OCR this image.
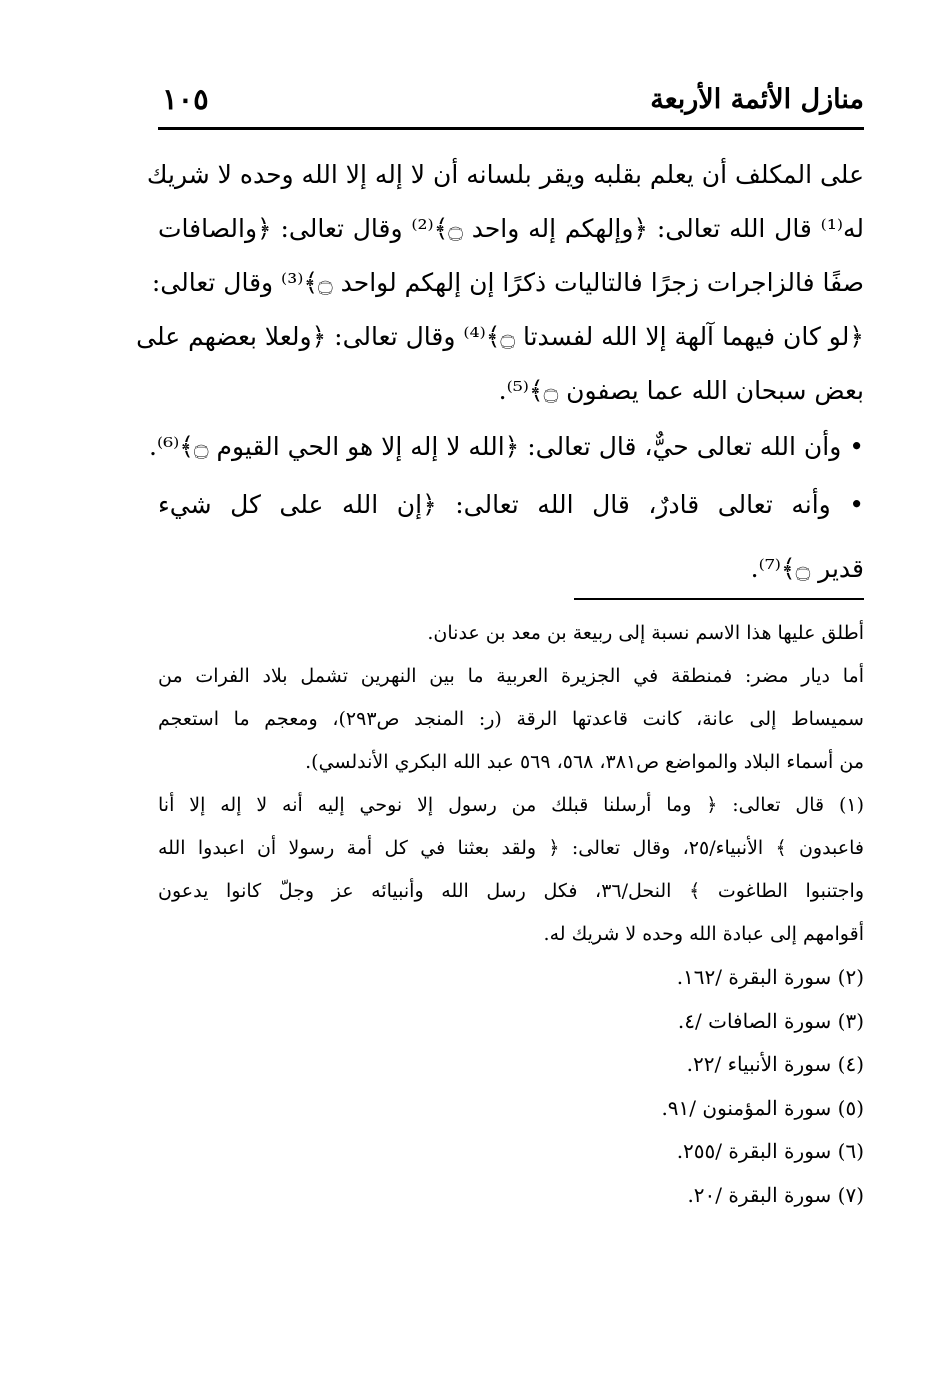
منازل الأئمة الأربعة
١٠٥
على المكلف أن يعلم بقلبه ويقر بلسانه أن لا إله إلا الله وحده لا شريك
له⁽¹⁾ قال الله تعالى: ﴿وإلهكم إله واحد ۝﴾⁽²⁾ وقال تعالى: ﴿والصافات
صفًا فالزاجرات زجرًا فالتاليات ذكرًا إن إلهكم لواحد ۝﴾⁽³⁾ وقال تعالى:
﴿لو كان فيهما آلهة إلا الله لفسدتا ۝﴾⁽⁴⁾ وقال تعالى: ﴿ولعلا بعضهم على
بعض سبحان الله عما يصفون ۝﴾⁽⁵⁾.
• وأن الله تعالى حيٌّ، قال تعالى: ﴿الله لا إله إلا هو الحي القيوم ۝﴾⁽⁶⁾.
• وأنه تعالى قادرٌ، قال الله تعالى: ﴿إن الله على كل شيء
قدير ۝﴾⁽⁷⁾.
أطلق عليها هذا الاسم نسبة إلى ربيعة بن معد بن عدنان.
أما ديار مضر: فمنطقة في الجزيرة العربية ما بين النهرين تشمل بلاد الفرات من
سميساط إلى عانة، كانت قاعدتها الرقة (ر: المنجد ص٢٩٣)، ومعجم ما استعجم
من أسماء البلاد والمواضع ص٣٨١، ٥٦٨، ٥٦٩ عبد الله البكري الأندلسي).
(١) قال تعالى: ﴿ وما أرسلنا قبلك من رسول إلا نوحي إليه أنه لا إله إلا أنا
فاعبدون ﴾ الأنبياء/٢٥، وقال تعالى: ﴿ ولقد بعثنا في كل أمة رسولا أن اعبدوا الله
واجتنبوا الطاغوت ﴾ النحل/٣٦، فكل رسل الله وأنبيائه عز وجلّ كانوا يدعون
أقوامهم إلى عبادة الله وحده لا شريك له.
(٢) سورة البقرة /١٦٢.
(٣) سورة الصافات /٤.
(٤) سورة الأنبياء /٢٢.
(٥) سورة المؤمنون /٩١.
(٦) سورة البقرة /٢٥٥.
(٧) سورة البقرة /٢٠.
